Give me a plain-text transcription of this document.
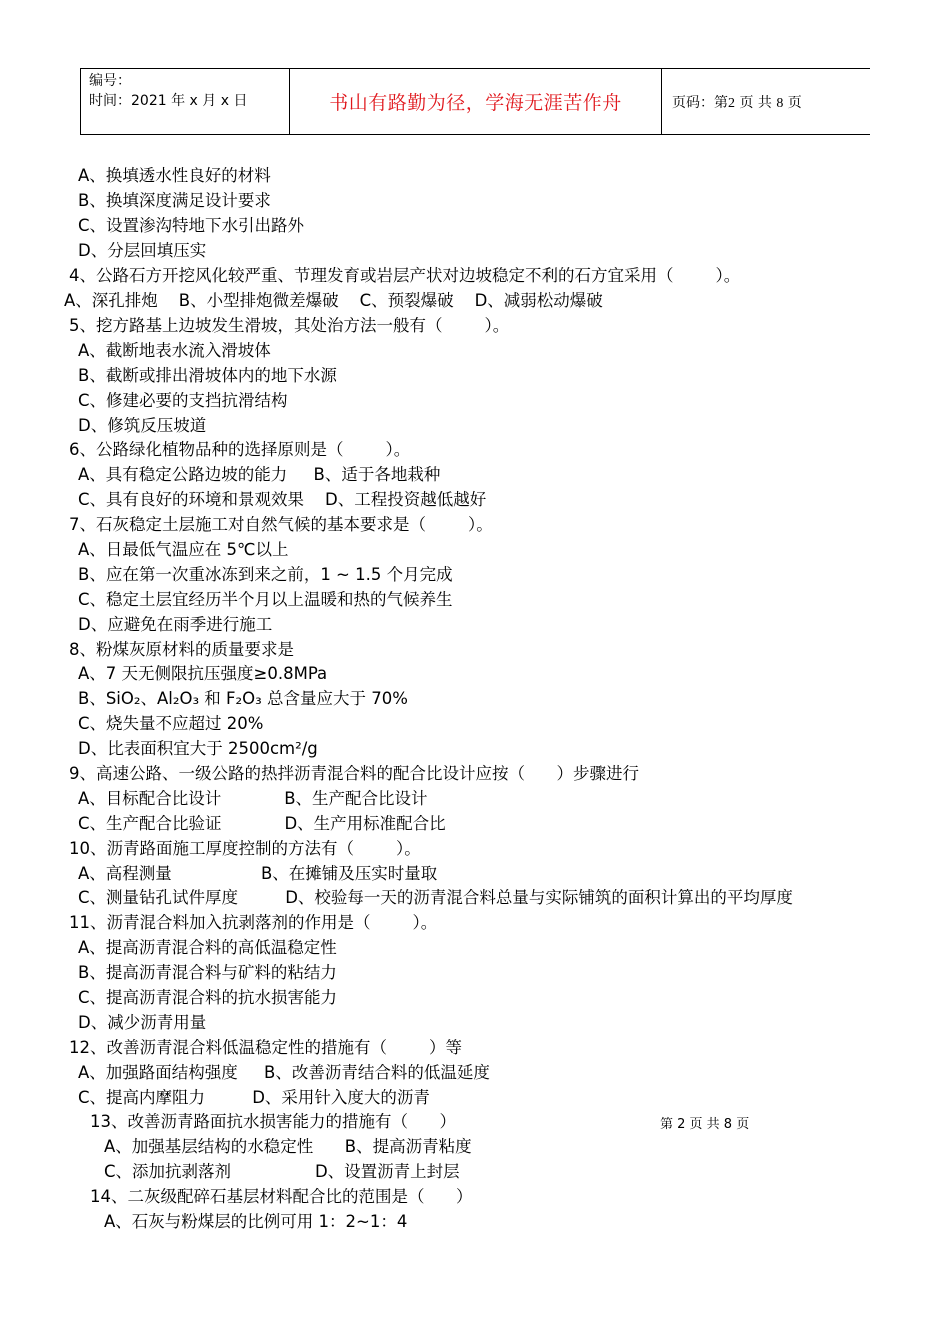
编号：
时间：2021 年 x 月 x 日	书山有路勤为径，学海无涯苦作舟	页码：第2 页 共 8 页
A、换填透水性良好的材料
B、换填深度满足设计要求
C、设置渗沟特地下水引出路外
D、分层回填压实
4、公路石方开挖风化较严重、节理发育或岩层产状对边坡稳定不利的石方宜采用（        ）。
A、深孔排炮    B、小型排炮微差爆破    C、预裂爆破    D、减弱松动爆破
5、挖方路基上边坡发生滑坡，其处治方法一般有（        ）。
A、截断地表水流入滑坡体
B、截断或排出滑坡体内的地下水源
C、修建必要的支挡抗滑结构
D、修筑反压坡道
6、公路绿化植物品种的选择原则是（        ）。
A、具有稳定公路边坡的能力     B、适于各地栽种
C、具有良好的环境和景观效果    D、工程投资越低越好
7、石灰稳定土层施工对自然气候的基本要求是（        ）。
A、日最低气温应在 5℃以上
B、应在第一次重冰冻到来之前，1 ~ 1.5 个月完成
C、稳定土层宜经历半个月以上温暖和热的气候养生
D、应避免在雨季进行施工
8、粉煤灰原材料的质量要求是
A、7 天无侧限抗压强度≥0.8MPa
B、SiO₂、Al₂O₃ 和 F₂O₃ 总含量应大于 70%
C、烧失量不应超过 20%
D、比表面积宜大于 2500cm²/g
9、高速公路、一级公路的热拌沥青混合料的配合比设计应按（      ）步骤进行
A、目标配合比设计            B、生产配合比设计
C、生产配合比验证            D、生产用标准配合比
10、沥青路面施工厚度控制的方法有（        ）。
A、高程测量                 B、在摊铺及压实时量取
C、测量钻孔试件厚度         D、校验每一天的沥青混合料总量与实际铺筑的面积计算出的平均厚度
11、沥青混合料加入抗剥落剂的作用是（        ）。
A、提高沥青混合料的高低温稳定性
B、提高沥青混合料与矿料的粘结力
C、提高沥青混合料的抗水损害能力
D、减少沥青用量
12、改善沥青混合料低温稳定性的措施有（        ）等
A、加强路面结构强度     B、改善沥青结合料的低温延度
C、提高内摩阻力         D、采用针入度大的沥青
13、改善沥青路面抗水损害能力的措施有（      ）
A、加强基层结构的水稳定性      B、提高沥青粘度
C、添加抗剥落剂                D、设置沥青上封层
14、二灰级配碎石基层材料配合比的范围是（      ）
A、石灰与粉煤层的比例可用 1：2~1：4
第 2 页 共 8 页
